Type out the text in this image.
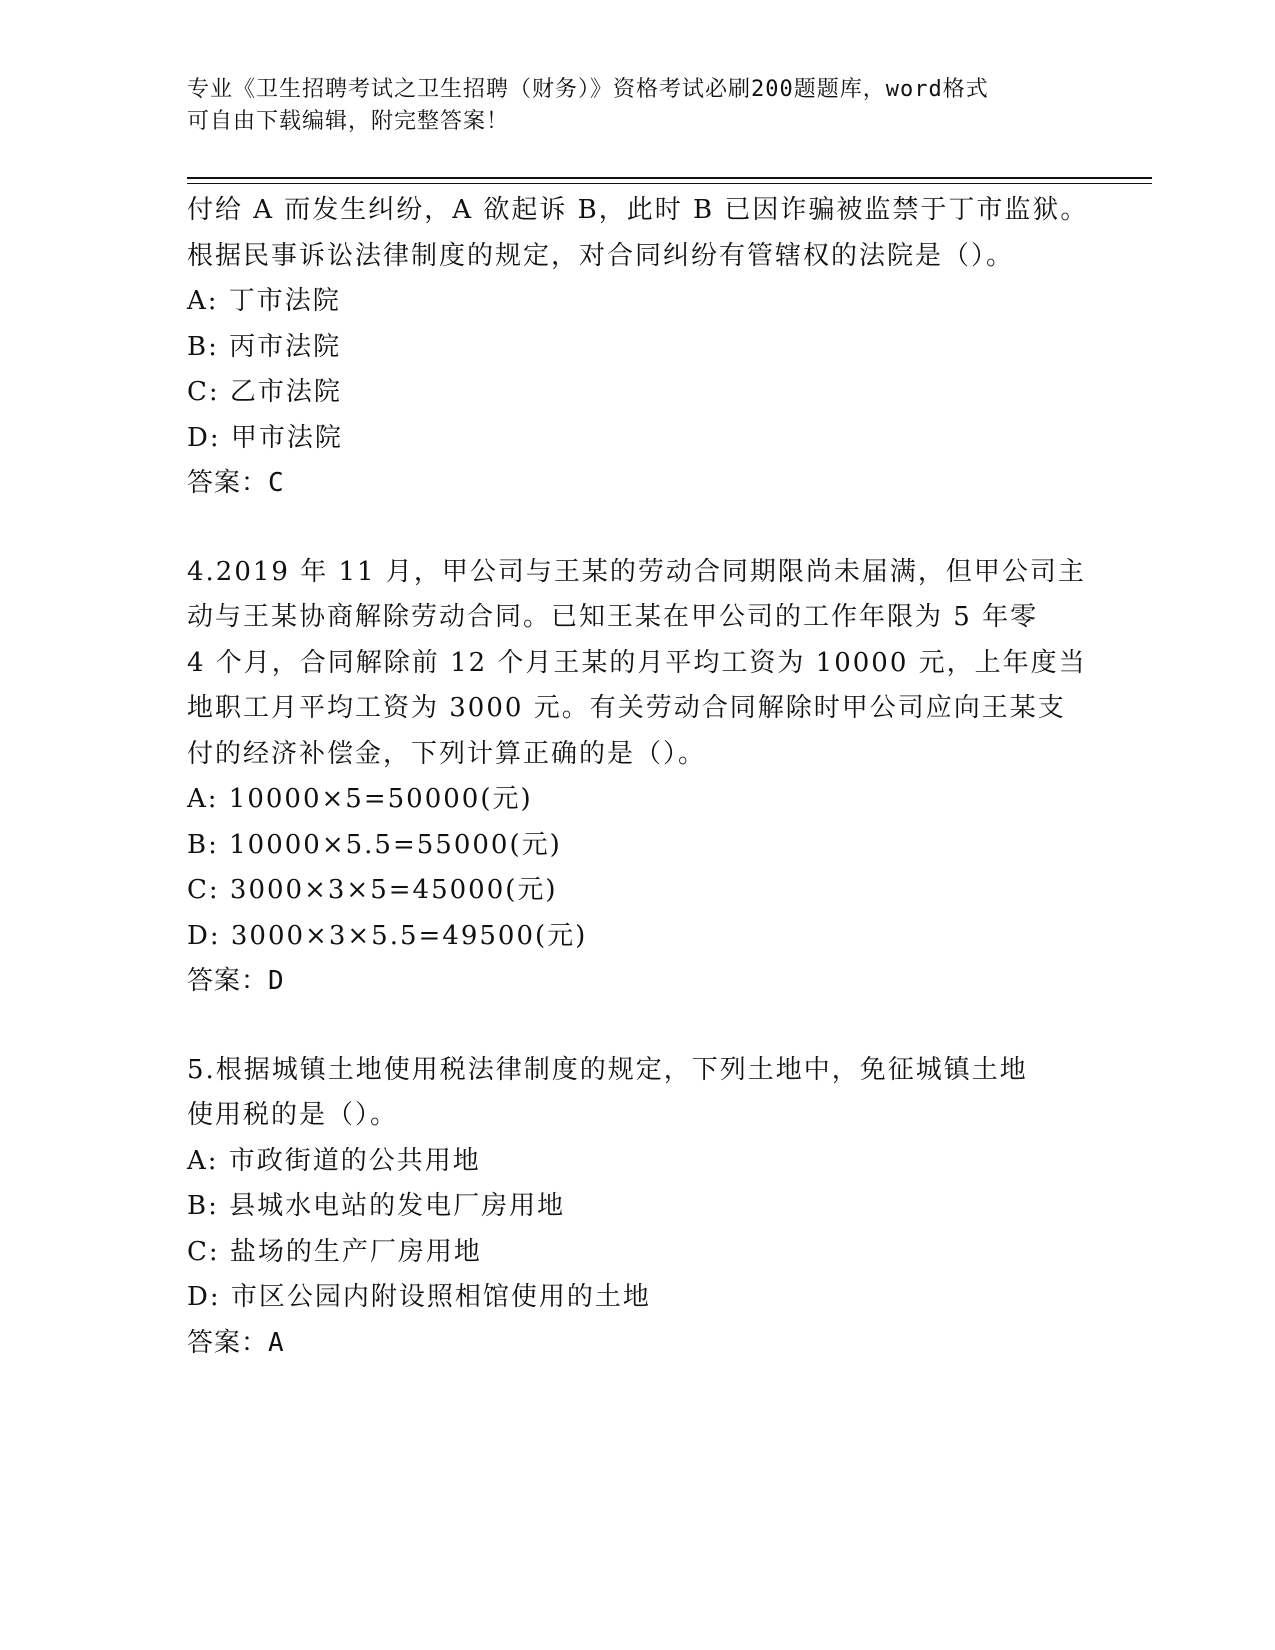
专业《卫生招聘考试之卫生招聘（财务）》资格考试必刷200题题库，word格式
可自由下载编辑，附完整答案！
付给 A 而发生纠纷，A 欲起诉 B，此时 B 已因诈骗被监禁于丁市监狱。
根据民事诉讼法律制度的规定，对合同纠纷有管辖权的法院是（）。
A: 丁市法院
B: 丙市法院
C: 乙市法院
D: 甲市法院
答案：C
4.2019 年 11 月，甲公司与王某的劳动合同期限尚未届满，但甲公司主
动与王某协商解除劳动合同。已知王某在甲公司的工作年限为 5 年零
4 个月，合同解除前 12 个月王某的月平均工资为 10000 元，上年度当
地职工月平均工资为 3000 元。有关劳动合同解除时甲公司应向王某支
付的经济补偿金，下列计算正确的是（）。
A: 10000×5=50000(元)
B: 10000×5.5=55000(元)
C: 3000×3×5=45000(元)
D: 3000×3×5.5=49500(元)
答案：D
5.根据城镇土地使用税法律制度的规定，下列土地中，免征城镇土地
使用税的是（）。
A: 市政街道的公共用地
B: 县城水电站的发电厂房用地
C: 盐场的生产厂房用地
D: 市区公园内附设照相馆使用的土地
答案：A
